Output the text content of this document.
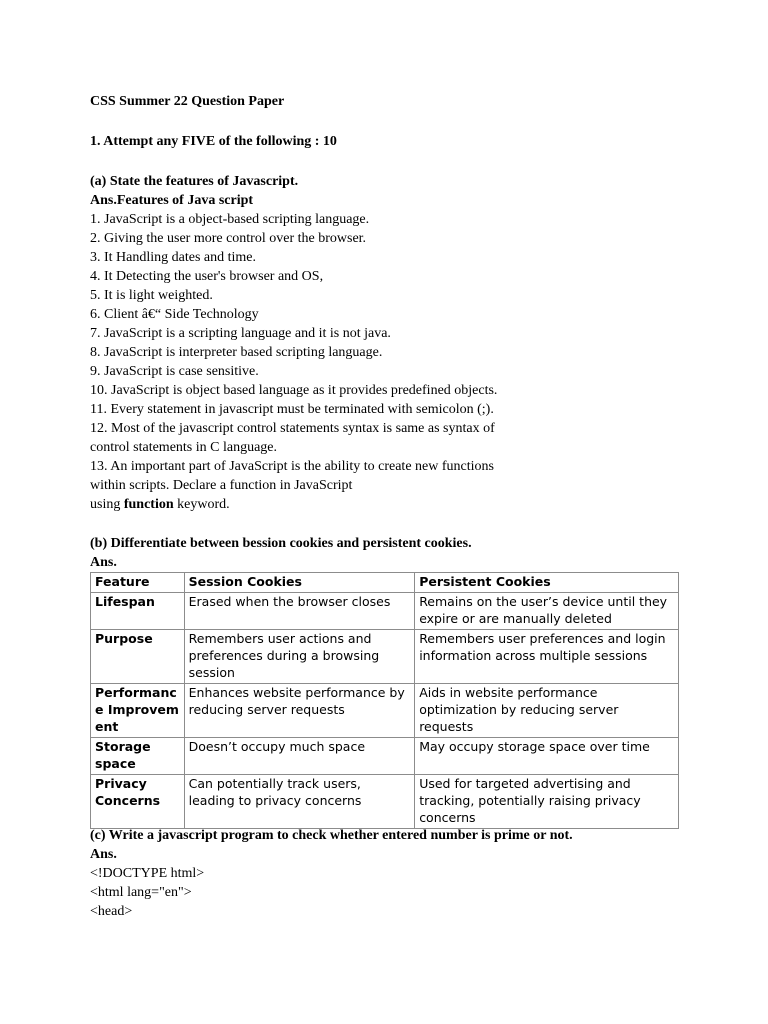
CSS Summer 22 Question Paper
1. Attempt any FIVE of the following : 10
(a) State the features of Javascript.
Ans.Features of Java script
1. JavaScript is a object-based scripting language.
2. Giving the user more control over the browser.
3. It Handling dates and time.
4. It Detecting the user's browser and OS,
5. It is light weighted.
6. Client â€“ Side Technology
7. JavaScript is a scripting language and it is not java.
8. JavaScript is interpreter based scripting language.
9. JavaScript is case sensitive.
10. JavaScript is object based language as it provides predefined objects.
11. Every statement in javascript must be terminated with semicolon (;).
12. Most of the javascript control statements syntax is same as syntax of
control statements in C language.
13. An important part of JavaScript is the ability to create new functions
within scripts. Declare a function in JavaScript
using function keyword.
(b) Differentiate between bession cookies and persistent cookies.
Ans.
Feature	Session Cookies	Persistent Cookies
Lifespan	Erased when the browser closes	Remains on the user’s device until they expire or are manually deleted
Purpose	Remembers user actions and preferences during a browsing session	Remembers user preferences and login information across multiple sessions
Performance Improvement	Enhances website performance by reducing server requests	Aids in website performance optimization by reducing server requests
Storage space	Doesn’t occupy much space	May occupy storage space over time
Privacy Concerns	Can potentially track users, leading to privacy concerns	Used for targeted advertising and tracking, potentially raising privacy concerns
(c) Write a javascript program to check whether entered number is prime or not.
Ans.
<!DOCTYPE html>
<html lang="en">
<head>
